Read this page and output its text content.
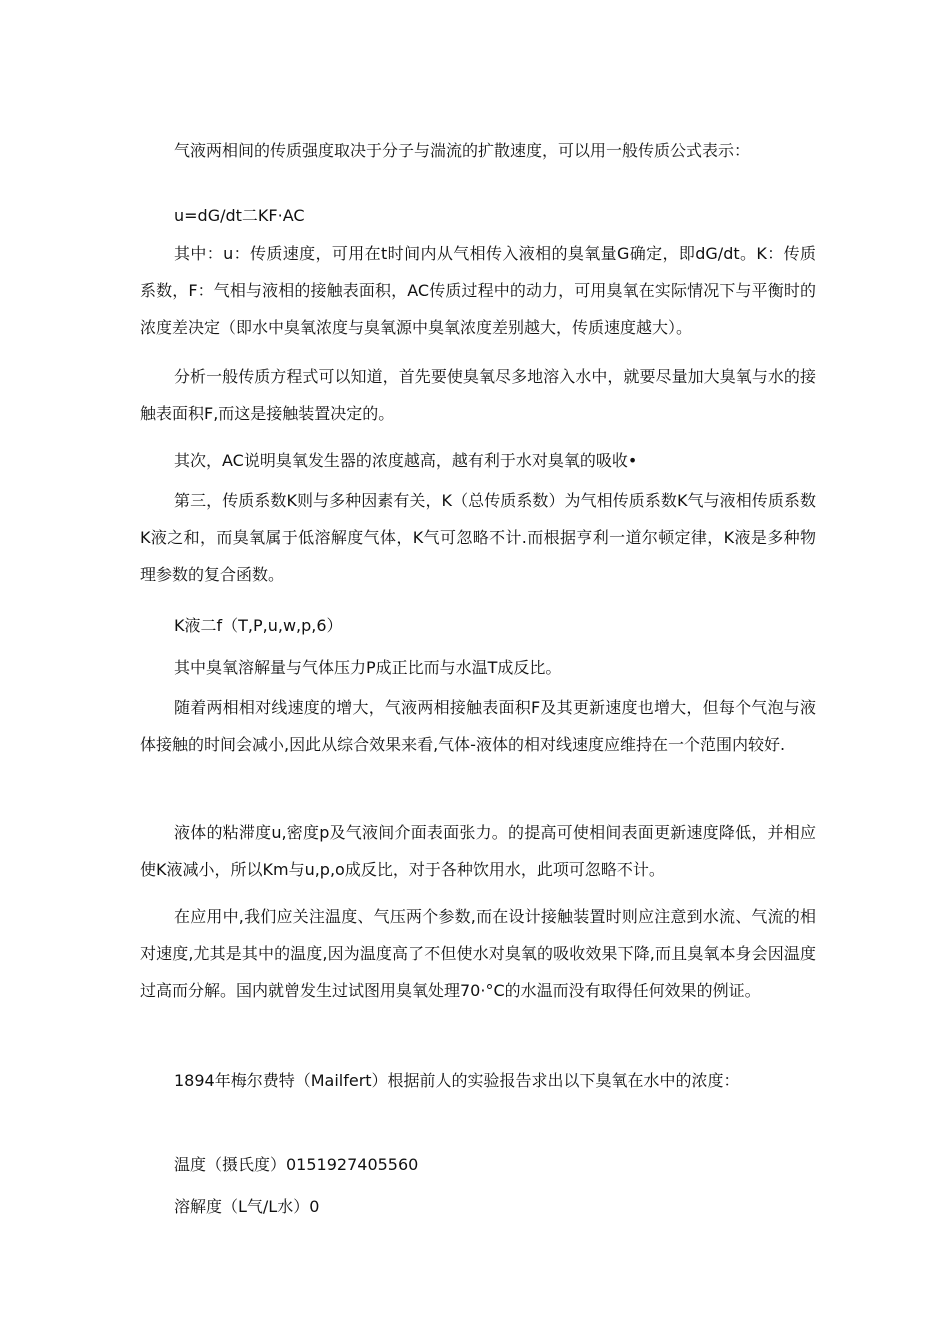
气液两相间的传质强度取决于分子与湍流的扩散速度，可以用一般传质公式表示：

u=dG/dt二KF·AC

其中：u：传质速度，可用在t时间内从气相传入液相的臭氧量G确定，即dG/dt。K：传质系数，F：气相与液相的接触表面积，AC传质过程中的动力，可用臭氧在实际情况下与平衡时的浓度差决定（即水中臭氧浓度与臭氧源中臭氧浓度差别越大，传质速度越大）。

分析一般传质方程式可以知道，首先要使臭氧尽多地溶入水中，就要尽量加大臭氧与水的接触表面积F,而这是接触装置决定的。

其次，AC说明臭氧发生器的浓度越高，越有利于水对臭氧的吸收•

第三，传质系数K则与多种因素有关，K（总传质系数）为气相传质系数K气与液相传质系数K液之和，而臭氧属于低溶解度气体，K气可忽略不计.而根据亨利一道尔顿定律，K液是多种物理参数的复合函数。

K液二f（T,P,u,w,p,6）

其中臭氧溶解量与气体压力P成正比而与水温T成反比。

随着两相相对线速度的增大，气液两相接触表面积F及其更新速度也增大，但每个气泡与液体接触的时间会减小,因此从综合效果来看,气体-液体的相对线速度应维持在一个范围内较好.

液体的粘滞度u,密度p及气液间介面表面张力。的提高可使相间表面更新速度降低，并相应使K液减小，所以Km与u,p,o成反比，对于各种饮用水，此项可忽略不计。

在应用中,我们应关注温度、气压两个参数,而在设计接触装置时则应注意到水流、气流的相对速度,尤其是其中的温度,因为温度高了不但使水对臭氧的吸收效果下降,而且臭氧本身会因温度过高而分解。国内就曾发生过试图用臭氧处理70·°C的水温而没有取得任何效果的例证。

1894年梅尔费特（Mailfert）根据前人的实验报告求出以下臭氧在水中的浓度：

温度（摄氏度）0151927405560

溶解度（L气/L水）0
